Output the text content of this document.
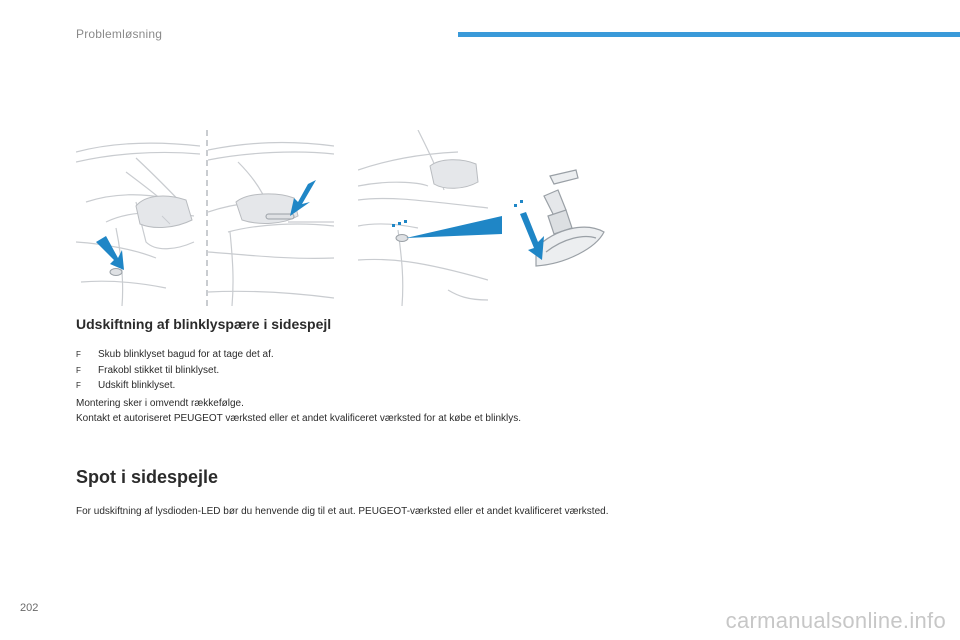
Problemløsning
Udskiftning af blinklyspære i sidespejl
F Skub blinklyset bagud for at tage det af.
F Frakobl stikket til blinklyset.
F Udskift blinklyset.
Montering sker i omvendt rækkefølge.
Kontakt et autoriseret PEUGEOT værksted eller et andet kvalificeret værksted for at købe et blinklys.
Spot i sidespejle
For udskiftning af lysdioden-LED bør du henvende dig til et aut. PEUGEOT-værksted eller et andet kvalificeret værksted.
202	carmanualsonline.info
